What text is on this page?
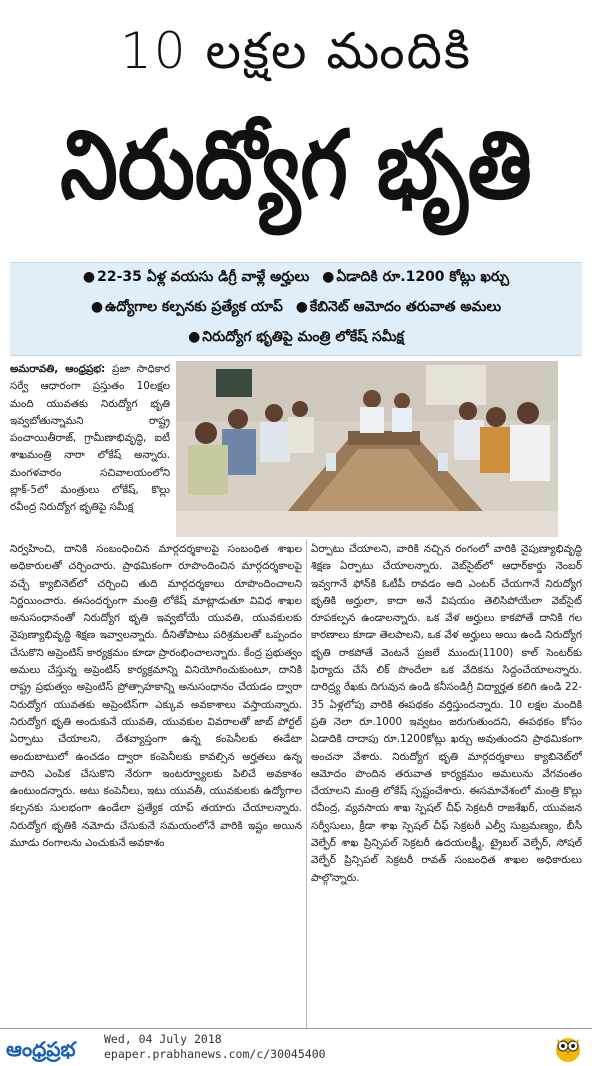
10 లక్షల మందికి
నిరుద్యోగ భృతి
● 22-35 ఏళ్ల వయసు డిగ్రీ వాళ్లే అర్హులు ● ఏడాదికి రూ.1200 కోట్లు ఖర్చు
● ఉద్యోగాల కల్పనకు ప్రత్యేక యాప్ ● కేబినెట్ ఆమోదం తరువాత అమలు
● నిరుద్యోగ భృతిపై మంత్రి లోకేష్ సమీక్ష
అమరావతి, ఆంధ్రప్రభ: ప్రజా సాధికార సర్వే ఆధారంగా ప్రస్తుతం 10లక్షల మంది యువతకు నిరుద్యోగ భృతి ఇవ్వబోతున్నామని రాష్ట్ర పంచాయితీరాజ్, గ్రామీణాభివృద్ధి, ఐటీ శాఖమంత్రి నారా లోకేష్ అన్నారు. మంగళవారం సచివాలయంలోని బ్లాక్-5లో మంత్రులు లోకేష్, కొల్లు రవీంద్ర నిరుద్యోగ భృతిపై సమీక్ష
నిర్వహించి, దానికి సంబంధించిన మార్గదర్శకాలపై సంబంధిత శాఖల అధికారులతో చర్చించారు. ప్రాథమికంగా రూపొందించిన మార్గదర్శకాలపై వచ్చే క్యాబినెట్‌లో చర్చించి తుది మార్గదర్శకాలు రూపొందించాలని నిర్ణయించారు. ఈసందర్భంగా మంత్రి లోకేష్ మాట్లాడుతూ వివిధ శాఖల అనుసంధానంతో నిరుద్యోగ భృతి ఇవ్వబోయే యువతి, యువకులకు నైపుణ్యాభివృద్ధి శిక్షణ ఇవ్వాలన్నారు. దీనితోపాటు పరిశ్రమలతో ఒప్పందం చేసుకొని అప్రెంటిస్ కార్యక్రమం కూడా ప్రారంభించాలన్నారు. కేంద్ర ప్రభుత్వం అమలు చేస్తున్న అప్రెంటిస్ కార్యక్రమాన్ని వినియోగించుకుంటూ, దానికి రాష్ట్ర ప్రభుత్వం అప్రెంటిస్ ప్రోత్సాహకాన్ని అనుసంధానం చేయడం ద్వారా నిరుద్యోగ యువతకు అప్రెంటిస్‌గా ఎక్కువ అవకాశాలు వస్తాయన్నారు. నిరుద్యోగ భృతి అందుకునే యువతి, యువకుల వివరాలతో జాబ్ పోర్టల్ ఏర్పాటు చేయాలని, దేశవ్యాప్తంగా ఉన్న కంపెనీలకు ఈడేటా అందుబాటులో ఉంచడం ద్వారా కంపెనీలకు కావల్సిన అర్హతలు ఉన్న వారిని ఎంపిక చేసుకొని నేరుగా ఇంటర్వ్యూలకు పిలిచే అవకాశం ఉంటుందన్నారు. అటు కంపెనీలు, ఇటు యువతీ, యువకులకు ఉద్యోగాల కల్పనకు సులభంగా ఉండేలా ప్రత్యేక యాప్ తయారు చేయాలన్నారు. నిరుద్యోగ భృతికి నమోదు చేసుకునే సమయంలోనే వారికి ఇష్టం అయిన మూడు రంగాలను ఎంచుకునే అవకాశం
ఏర్పాటు చేయాలని, వారికి నచ్చిన రంగంలో వారికి నైపుణ్యాభివృద్ధి శిక్షణ ఏర్పాటు చేయాలన్నారు. వెబ్‌సైట్‌లో ఆధార్‌కార్డు నెంబర్ ఇవ్వగానే ఫోన్‌కి ఓటీపీ రావడం అది ఎంటర్ చేయగానే నిరుద్యోగ భృతికి అర్హులా, కాదా అనే విషయం తెలిసిపోయేలా వెబ్‌సైట్ రూపకల్పన ఉండాలన్నారు. ఒక వేళ అర్హులు కాకపోతే దానికి గల కారణాలు కూడా తెలపాలని, ఒక వేళ అర్హులు అయి ఉండి నిరుద్యోగ భృతి రాకపోతే వెంటనే ప్రజలే ముందు(1100) కాల్ సెంటర్‌కు ఫిర్యాదు చేసే లిక్ పొందేలా ఒక వేదికను సిద్దంచేయాలన్నారు. దారిద్ర్య రేఖకు దిగువున ఉండి కనీసండిగ్రీ విద్యార్హత కలిగి ఉండి 22-35 ఏళ్లలోపు వారికి ఈపథకం వర్తిస్తుందన్నారు. 10 లక్షల మందికి ప్రతి నెలా రూ.1000 ఇవ్వటం జరుగుతుందని, ఈపథకం కోసం ఏడాదికి దాదాపు రూ.1200కోట్లు ఖర్చు అవుతుందని ప్రాథమికంగా అంచనా వేశారు. నిరుద్యోగ భృతి మార్గదర్శకాలు క్యాబినెట్‌లో ఆమోదం పొందిన తరువాత కార్యక్రమం అమలును వేగవంతం చేయాలని మంత్రి లోకేష్ స్పష్టంచేశారు. ఈసమావేశంలో మంత్రి కొల్లు రవీంద్ర, వ్యవసాయ శాఖ స్పెషల్ చీఫ్ సెక్రటరీ రాజశేఖర్, యువజన సర్వీసులు, క్రీడా శాఖ స్పెషల్ చీఫ్ సెక్రటరీ ఎల్వీ సుబ్రమణ్యం, బీసీ వెల్ఫేర్ శాఖ ప్రిన్సిపల్ సెక్రటరీ ఉదయలక్ష్మీ, ట్రైబల్ వెల్ఫేర్, సోషల్ వెల్ఫేర్ ప్రిన్సిపల్ సెక్రటరీ రావత్ సంబంధిత శాఖల అధికారులు పాల్గొన్నారు.
ఆంధ్రప్రభ Wed, 04 July 2018
epaper.prabhanews.com/c/30045400
